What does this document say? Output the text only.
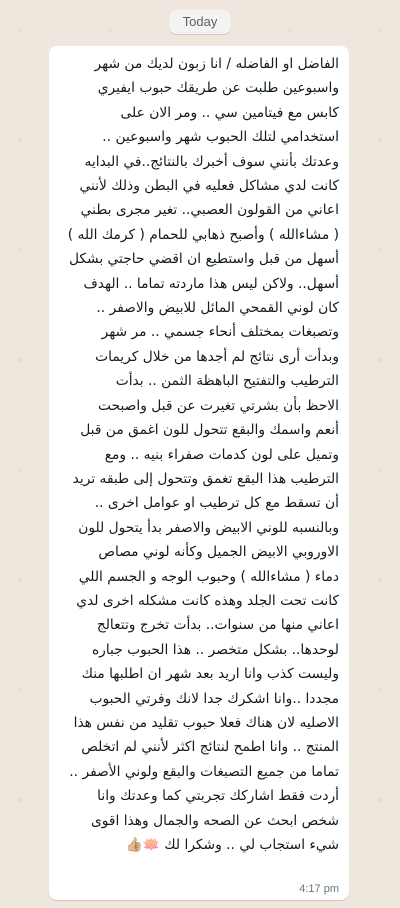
Today
الفاضل او الفاضله / انا زبون لديك من شهر
واسبوعين طلبت عن طريقك حبوب ايفيري
كابس مع فيتامين سي .. ومر الان على
استخدامي لتلك الحبوب شهر واسبوعين ..
وعدتك بأنني سوف أخبرك بالنتائج..في البدايه
كانت لدي مشاكل فعليه في البطن وذلك لأنني
اعاني من القولون العصبي.. تغير مجرى بطني
( مشاءالله ) وأصبح ذهابي للحمام ( كرمك الله )
أسهل من قبل واستطيع ان اقضي حاجتي بشكل
أسهل.. ولاكن ليس هذا ماردته تماما .. الهدف
كان لوني القمحي المائل للابيض والاصفر ..
وتصبغات بمختلف أنحاء جسمي .. مر شهر
وبدأت أرى نتائج لم أجدها من خلال كريمات
الترطيب والتفتيح الباهظة الثمن .. بدأت
الاحظ بأن بشرتي تغيرت عن قبل واصبحت
أنعم واسمك والبقع تتحول للون اغمق من قبل
وتميل على لون كدمات صفراء بنيه .. ومع
الترطيب هذا البقع تغمق وتتحول إلى طبقه تريد
أن تسقط مع كل ترطيب او عوامل اخرى ..
وبالنسبه للوني الابيض والاصفر بدأ يتحول للون
الاوروبي الابيض الجميل وكأنه لوني مصاص
دماء ( مشاءالله ) وحبوب الوجه و الجسم اللي
كانت تحت الجلد وهذه كانت مشكله اخرى لدي
اعاني منها من سنوات.. بدأت تخرج وتتعالج
لوحدها.. بشكل متخصر .. هذا الحبوب جباره
وليست كذب وانا اريد بعد شهر ان اطلبها منك
مجددا ..وانا اشكرك جدا لانك وفرتي الحبوب
الاصليه لان هناك فعلا حبوب تقليد من نفس هذا
المنتج .. وانا اطمح لنتائج اكثر لأنني لم اتخلص
تماما من جميع التصبغات والبقع ولوني الأصفر ..
أردت فقط اشاركك تجربتي كما وعدتك وانا
شخص ابحث عن الصحه والجمال وهذا اقوى
شيء استجاب لي .. وشكرا لك 🪷👍🏼
4:17 pm
